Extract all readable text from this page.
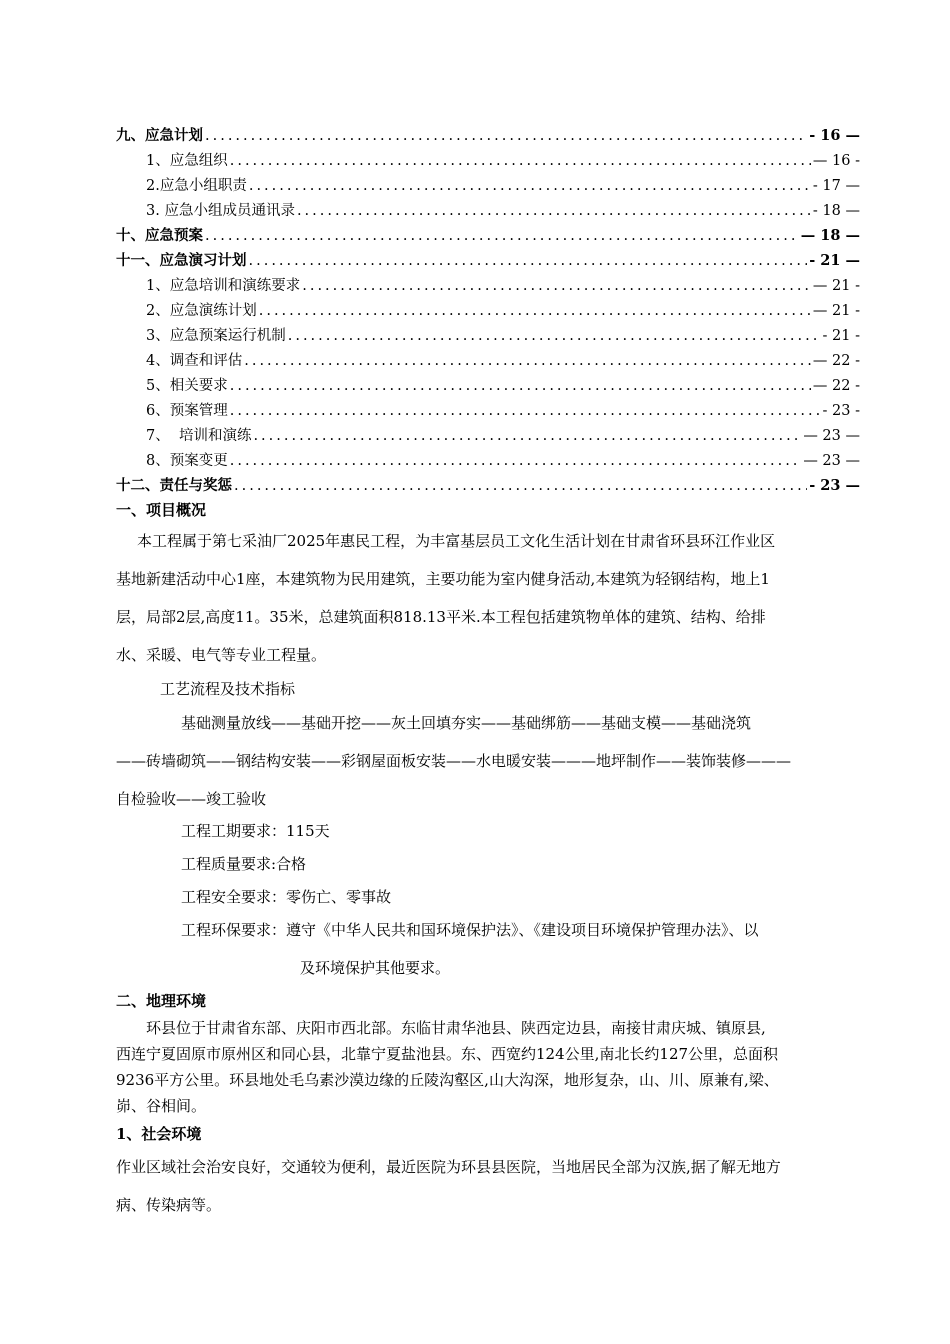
九、应急计划 .....	- 16 —
1、应急组织 .....	— 16 -
2.应急小组职责 .....	- 17 —
3. 应急小组成员通讯录 .....	- 18 —
十、应急预案 .....	— 18 —
十一、应急演习计划 .....	- 21 —
1、应急培训和演练要求 .....	— 21 -
2、应急演练计划 .....	— 21 -
3、应急预案运行机制 .....	- 21 -
4、调查和评估 .....	— 22 -
5、相关要求 .....	— 22 -
6、预案管理 .....	- 23 -
7、  培训和演练 .....	— 23 —
8、预案变更 .....	— 23 —
十二、责任与奖惩 .....	- 23 —
一、项目概况
本工程属于第七采油厂2025年惠民工程，为丰富基层员工文化生活计划在甘肃省环县环江作业区
基地新建活动中心1座，本建筑物为民用建筑，主要功能为室内健身活动,本建筑为轻钢结构，地上1
层，局部2层,高度11。35米，总建筑面积818.13平米.本工程包括建筑物单体的建筑、结构、给排
水、采暖、电气等专业工程量。
工艺流程及技术指标
基础测量放线——基础开挖——灰土回填夯实——基础绑筋——基础支模——基础浇筑
——砖墙砌筑——钢结构安装——彩钢屋面板安装——水电暖安装———地坪制作——装饰装修———
自检验收——竣工验收
工程工期要求：115天
工程质量要求:合格
工程安全要求：零伤亡、零事故
工程环保要求：遵守《中华人民共和国环境保护法》、《建设项目环境保护管理办法》、以
及环境保护其他要求。
二、地理环境
环县位于甘肃省东部、庆阳市西北部。东临甘肃华池县、陕西定边县，南接甘肃庆城、镇原县,
西连宁夏固原市原州区和同心县，北靠宁夏盐池县。东、西宽约124公里,南北长约127公里，总面积
9236平方公里。环县地处毛乌素沙漠边缘的丘陵沟壑区,山大沟深，地形复杂，山、川、原兼有,梁、
峁、谷相间。
1、社会环境
作业区域社会治安良好，交通较为便利，最近医院为环县县医院，当地居民全部为汉族,据了解无地方
病、传染病等。
